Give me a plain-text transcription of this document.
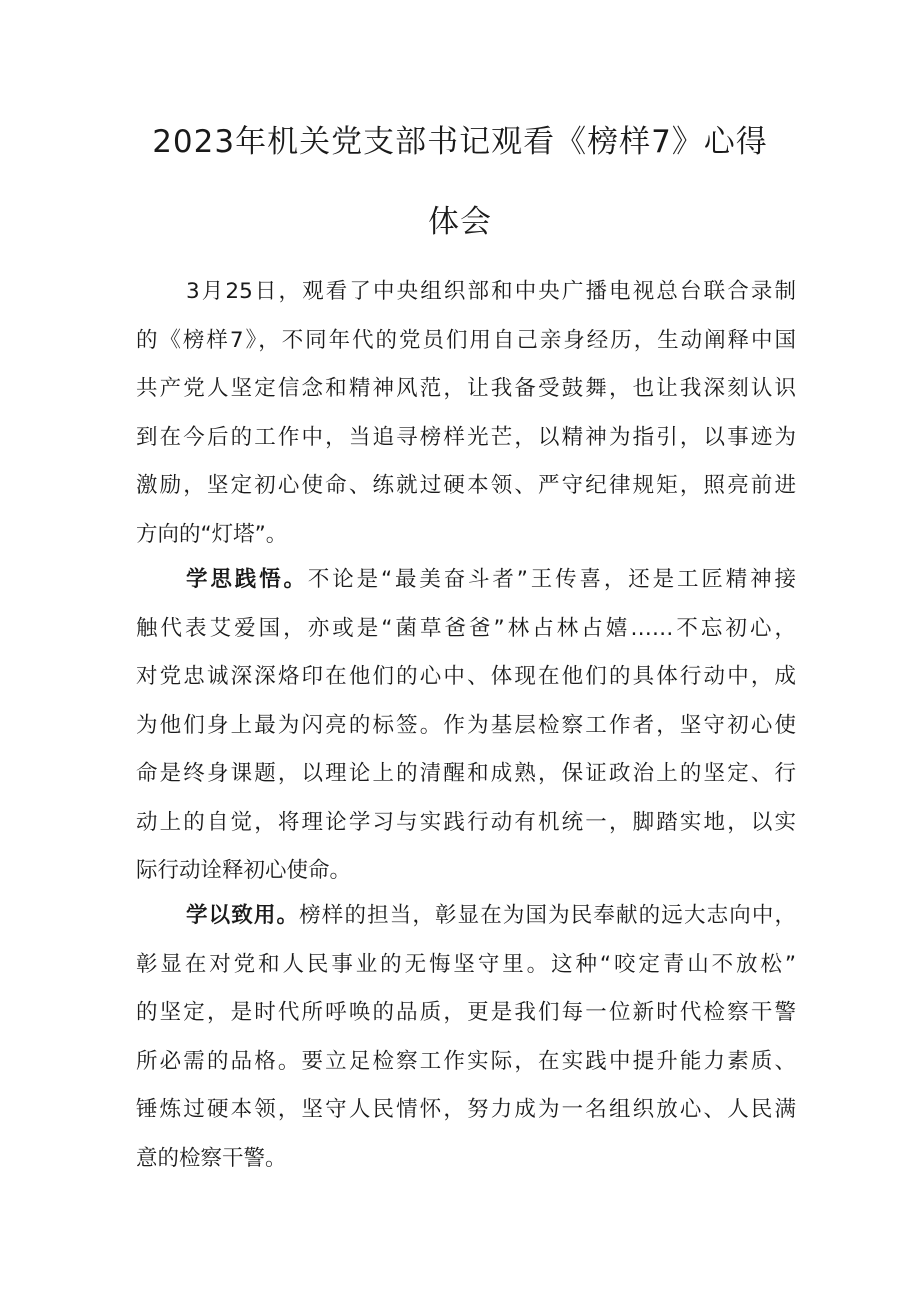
2023年机关党支部书记观看《榜样7》心得
体会
3月25日，观看了中央组织部和中央广播电视总台联合录制
的《榜样7》，不同年代的党员们用自己亲身经历，生动阐释中国
共产党人坚定信念和精神风范，让我备受鼓舞，也让我深刻认识
到在今后的工作中，当追寻榜样光芒，以精神为指引，以事迹为
激励，坚定初心使命、练就过硬本领、严守纪律规矩，照亮前进
方向的“灯塔”。
学思践悟。不论是“最美奋斗者”王传喜，还是工匠精神接
触代表艾爱国，亦或是“菌草爸爸”林占林占嬉……不忘初心，
对党忠诚深深烙印在他们的心中、体现在他们的具体行动中，成
为他们身上最为闪亮的标签。作为基层检察工作者，坚守初心使
命是终身课题，以理论上的清醒和成熟，保证政治上的坚定、行
动上的自觉，将理论学习与实践行动有机统一，脚踏实地，以实
际行动诠释初心使命。
学以致用。榜样的担当，彰显在为国为民奉献的远大志向中，
彰显在对党和人民事业的无悔坚守里。这种“咬定青山不放松”
的坚定，是时代所呼唤的品质，更是我们每一位新时代检察干警
所必需的品格。要立足检察工作实际，在实践中提升能力素质、
锤炼过硬本领，坚守人民情怀，努力成为一名组织放心、人民满
意的检察干警。
